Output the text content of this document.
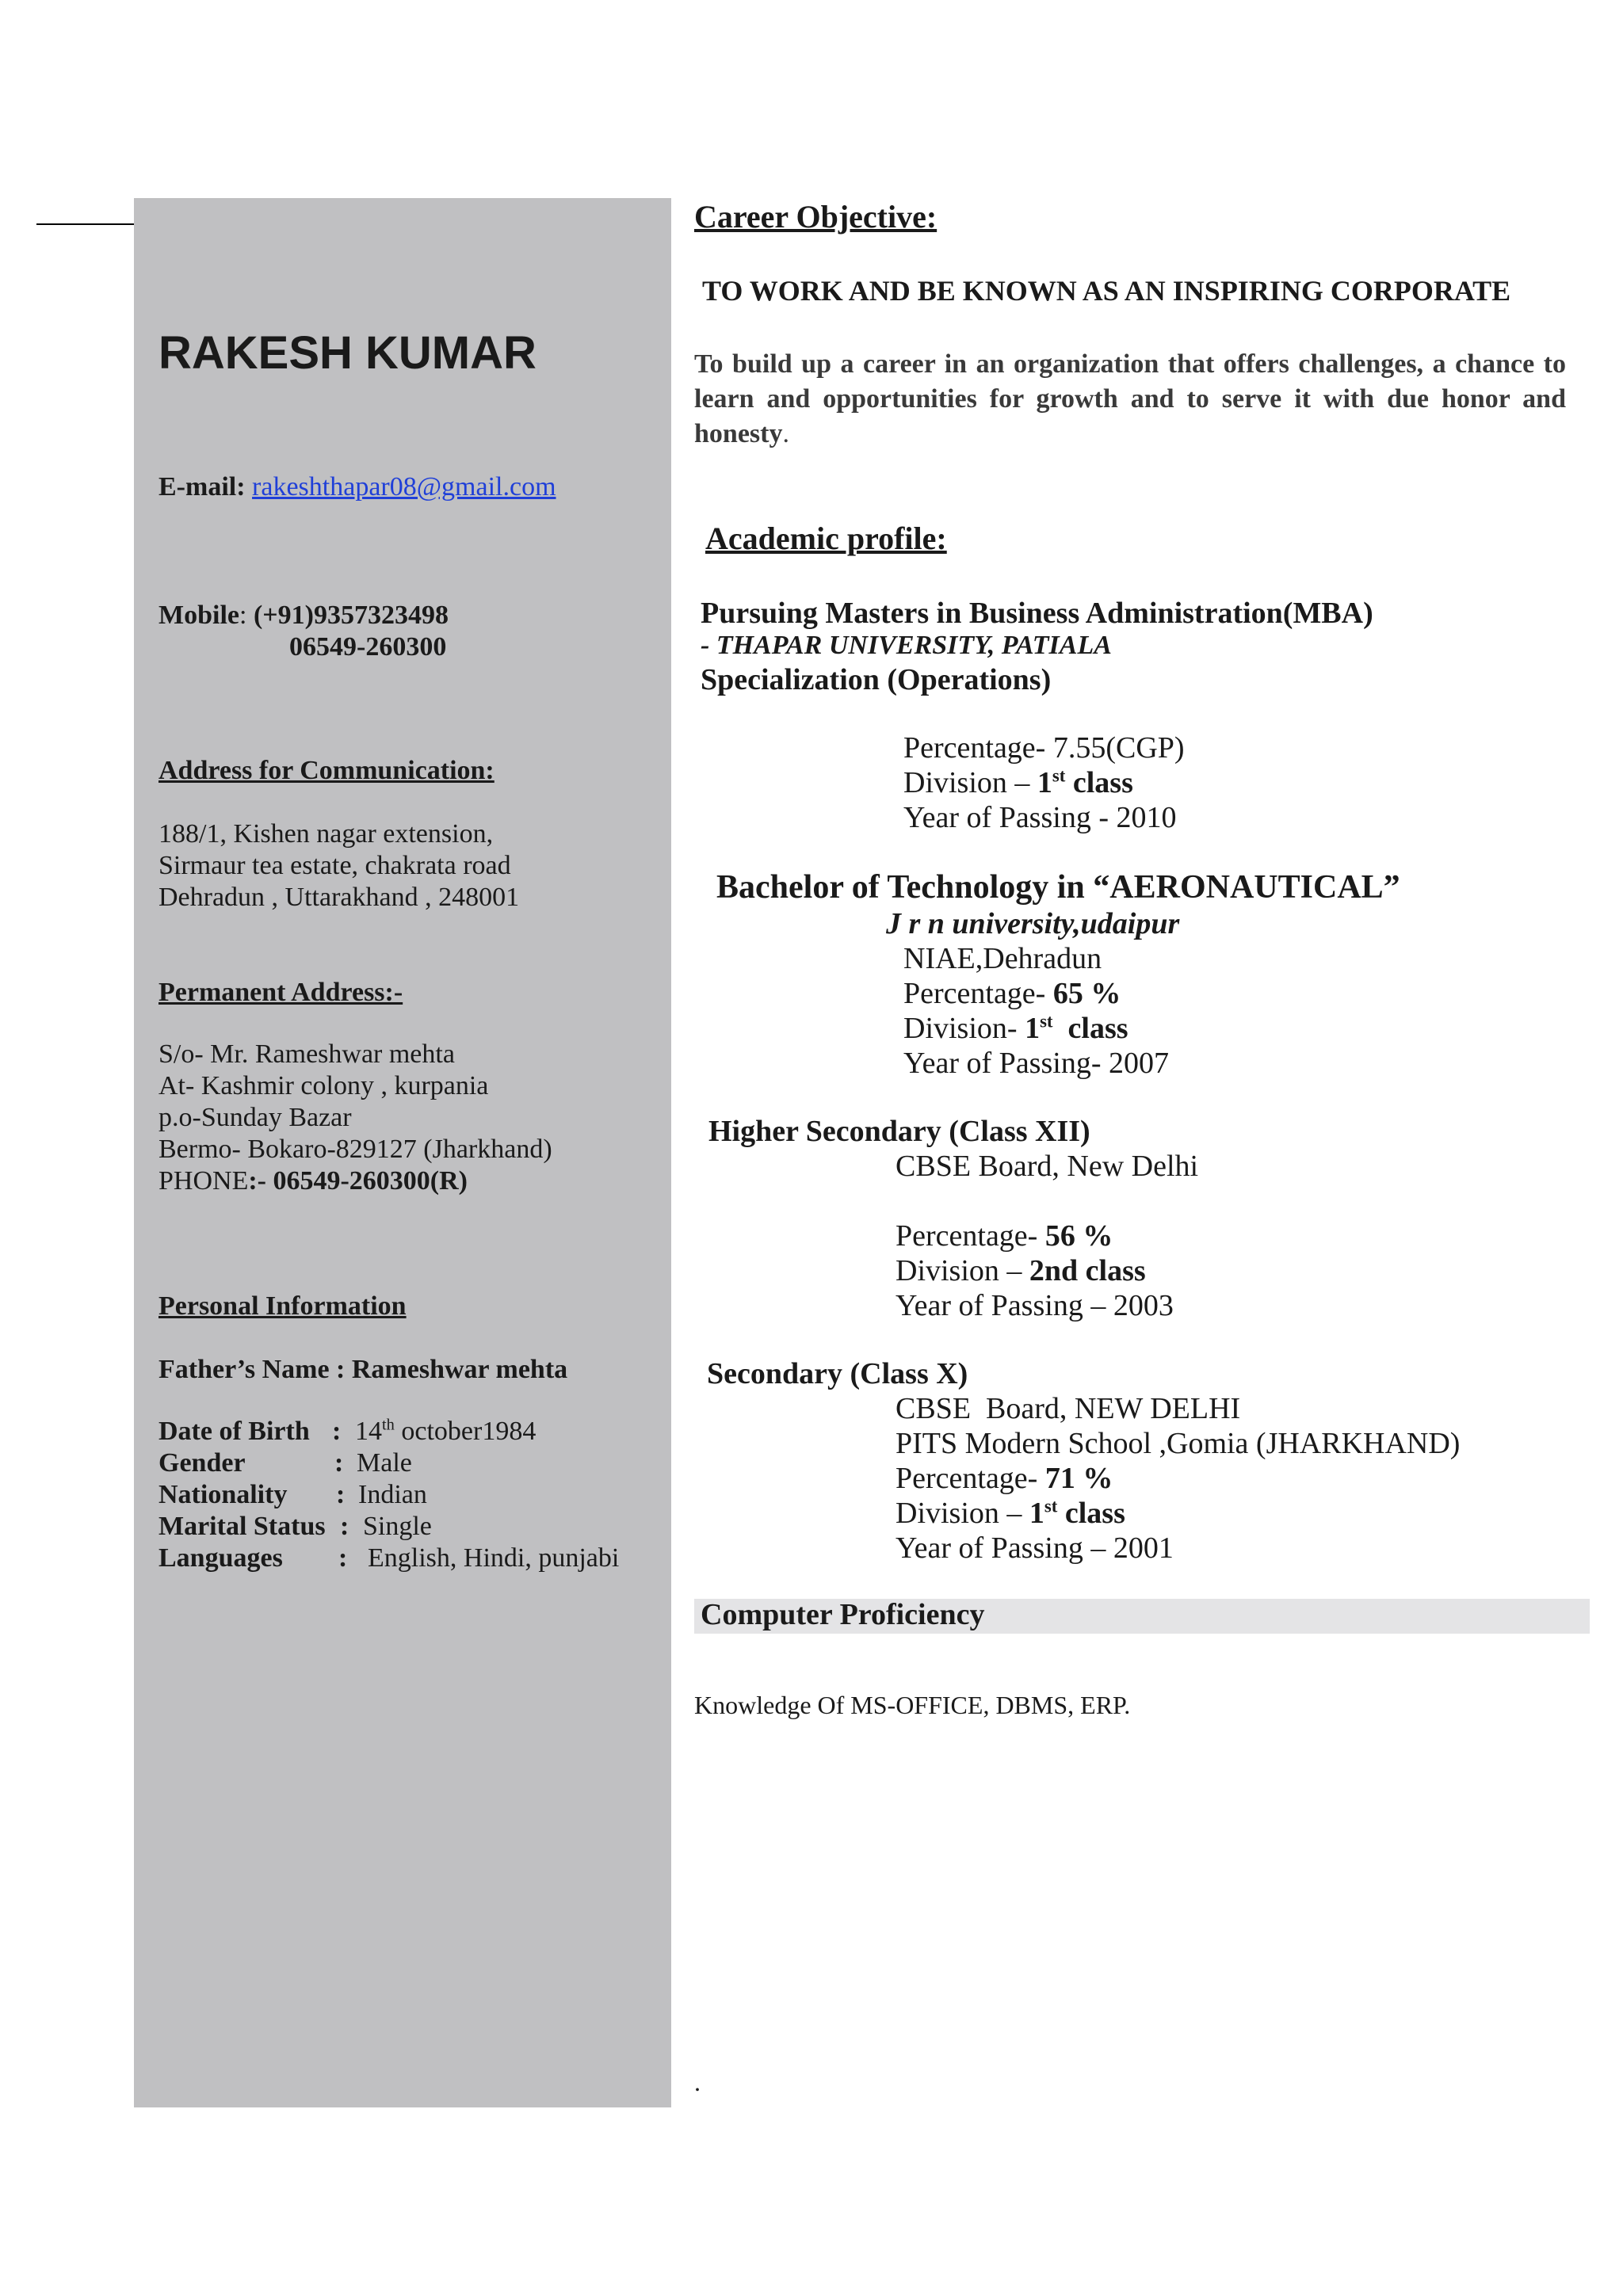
RAKESH KUMAR
E-mail: rakeshthapar08@gmail.com
Mobile: (+91)9357323498
06549-260300
Address for Communication:
188/1, Kishen nagar extension,
Sirmaur tea estate, chakrata road
Dehradun , Uttarakhand , 248001
Permanent Address:-
S/o- Mr. Rameshwar mehta
At- Kashmir colony , kurpania
p.o-Sunday Bazar
Bermo- Bokaro-829127 (Jharkhand)
PHONE:- 06549-260300(R)
Personal Information
Father’s Name : Rameshwar mehta
Date of Birth : 14th october1984
Gender	: Male
Nationality : Indian
Marital Status : Single
Languages : English, Hindi, punjabi
Career Objective:
TO WORK AND BE KNOWN AS AN INSPIRING CORPORATE
To build up a career in an organization that offers challenges, a chance to learn and opportunities for growth and to serve it with due honor and honesty.
Academic profile:
Pursuing Masters in Business Administration(MBA)
- THAPAR UNIVERSITY, PATIALA
Specialization (Operations)
Percentage- 7.55(CGP)
Division – 1st class
Year of Passing - 2010
Bachelor of Technology in “AERONAUTICAL”
J r n university,udaipur
NIAE,Dehradun
Percentage- 65 %
Division- 1st  class
Year of Passing- 2007
Higher Secondary (Class XII)
CBSE Board, New Delhi
Percentage- 56 %
Division – 2nd class
Year of Passing – 2003
Secondary (Class X)
CBSE  Board, NEW DELHI
PITS Modern School ,Gomia (JHARKHAND)
Percentage- 71 %
Division – 1st class
Year of Passing – 2001
Computer Proficiency
Knowledge Of MS-OFFICE, DBMS, ERP.
.
